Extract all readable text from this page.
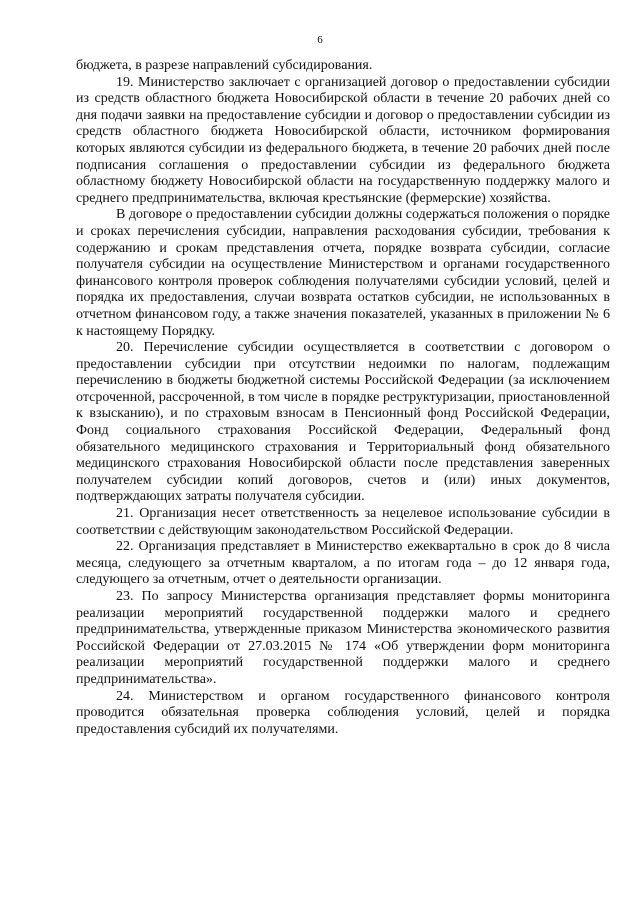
6

бюджета, в разрезе направлений субсидирования.

19. Министерство заключает с организацией договор о предоставлении субсидии из средств областного бюджета Новосибирской области в течение 20 рабочих дней со дня подачи заявки на предоставление субсидии и договор о предоставлении субсидии из средств областного бюджета Новосибирской области, источником формирования которых являются субсидии из федерального бюджета, в течение 20 рабочих дней после подписания соглашения о предоставлении субсидии из федерального бюджета областному бюджету Новосибирской области на государственную поддержку малого и среднего предпринимательства, включая крестьянские (фермерские) хозяйства.

В договоре о предоставлении субсидии должны содержаться положения о порядке и сроках перечисления субсидии, направления расходования субсидии, требования к содержанию и срокам представления отчета, порядке возврата субсидии, согласие получателя субсидии на осуществление Министерством и органами государственного финансового контроля проверок соблюдения получателями субсидии условий, целей и порядка их предоставления, случаи возврата остатков субсидии, не использованных в отчетном финансовом году, а также значения показателей, указанных в приложении № 6 к настоящему Порядку.

20. Перечисление субсидии осуществляется в соответствии с договором о предоставлении субсидии при отсутствии недоимки по налогам, подлежащим перечислению в бюджеты бюджетной системы Российской Федерации (за исключением отсроченной, рассроченной, в том числе в порядке реструктуризации, приостановленной к взысканию), и по страховым взносам в Пенсионный фонд Российской Федерации, Фонд социального страхования Российской Федерации, Федеральный фонд обязательного медицинского страхования и Территориальный фонд обязательного медицинского страхования Новосибирской области после представления заверенных получателем субсидии копий договоров, счетов и (или) иных документов, подтверждающих затраты получателя субсидии.

21. Организация несет ответственность за нецелевое использование субсидии в соответствии с действующим законодательством Российской Федерации.

22. Организация представляет в Министерство ежеквартально в срок до 8 числа месяца, следующего за отчетным кварталом, а по итогам года – до 12 января года, следующего за отчетным, отчет о деятельности организации.

23. По запросу Министерства организация представляет формы мониторинга реализации мероприятий государственной поддержки малого и среднего предпринимательства, утвержденные приказом Министерства экономического развития Российской Федерации от 27.03.2015 № 174 «Об утверждении форм мониторинга реализации мероприятий государственной поддержки малого и среднего предпринимательства».

24. Министерством и органом государственного финансового контроля проводится обязательная проверка соблюдения условий, целей и порядка предоставления субсидий их получателями.
